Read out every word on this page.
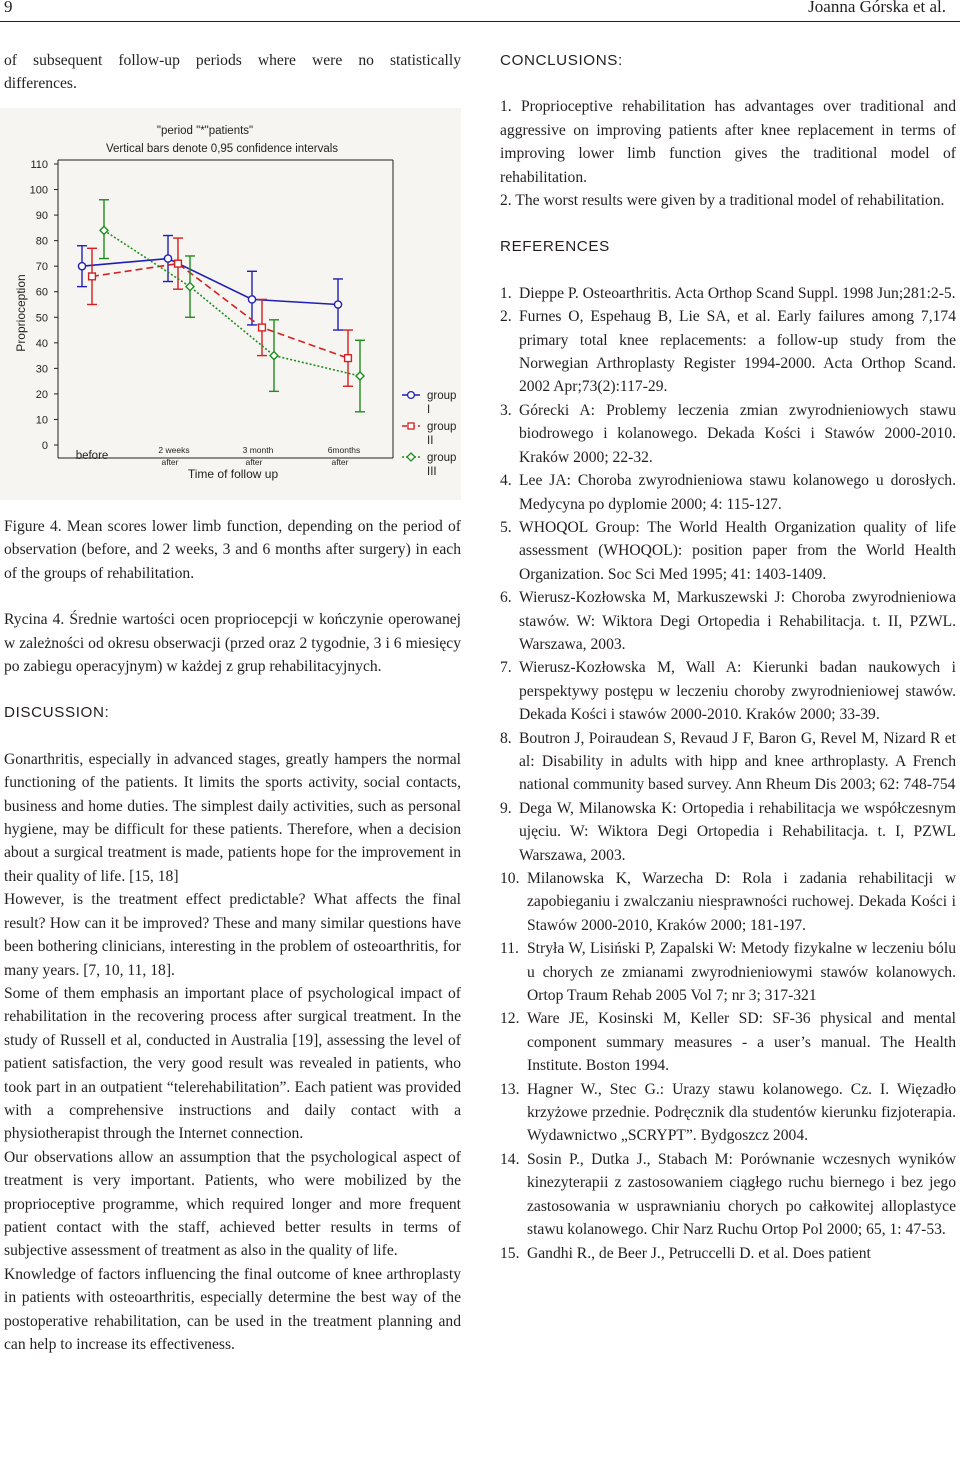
9	Joanna Górska et al.

of subsequent follow-up periods where were no statistically

differences.

"period "*"patients"
Vertical bars denote 0,95 confidence intervals
Proprioception
Time of follow up
110
100
90
80
70
60
50
40
30
20
10
0
before	2 weeks
after
3 month
after
6months
after
group
I
group
II
group
III

Figure 4. Mean scores lower limb function, depending on the period of observation (before, and 2 weeks, 3 and 6 months after surgery) in each of the groups of rehabilitation.

Rycina 4. Średnie wartości ocen propriocepcji w kończynie operowanej w zależności od okresu obserwacji (przed oraz 2 tygodnie, 3 i 6 miesięcy po zabiegu operacyjnym) w każdej z grup rehabilitacyjnych.

DISCUSSION:

Gonarthritis, especially in advanced stages, greatly hampers the normal functioning of the patients. It limits the sports activity, social contacts, business and home duties. The simplest daily activities, such as personal hygiene, may be difficult for these patients. Therefore, when a decision about a surgical treatment is made, patients hope for the improvement in their quality of life. [15, 18]

However, is the treatment effect predictable? What affects the final result? How can it be improved? These and many similar questions have been bothering clinicians, interesting in the problem of osteoarthritis, for many years. [7, 10, 11, 18].

Some of them emphasis an important place of psychological impact of rehabilitation in the recovering process after surgical treatment. In the study of Russell et al, conducted in Australia [19], assessing the level of patient satisfaction, the very good result was revealed in patients, who took part in an outpatient “telerehabilitation”. Each patient was provided with a comprehensive instructions and daily contact with a physiotherapist through the Internet connection.

Our observations allow an assumption that the psychological aspect of treatment is very important. Patients, who were mobilized by the proprioceptive programme, which required longer and more frequent patient contact with the staff, achieved better results in terms of subjective assessment of treatment as also in the quality of life.

Knowledge of factors influencing the final outcome of knee arthroplasty in patients with osteoarthritis, especially determine the best way of the postoperative rehabilitation, can be used in the treatment planning and can help to increase its effectiveness.

CONCLUSIONS:

1. Proprioceptive rehabilitation has advantages over traditional and aggressive on improving patients after knee replacement in terms of improving lower limb function gives the traditional model of rehabilitation.

2. The worst results were given by a traditional model of rehabilitation.

REFERENCES

1. Dieppe P. Osteoarthritis. Acta Orthop Scand Suppl. 1998 Jun;281:2-5.
2. Furnes O, Espehaug B, Lie SA, et al. Early failures among 7,174 primary total knee replacements: a follow-up study from the Norwegian Arthroplasty Register 1994-2000. Acta Orthop Scand. 2002 Apr;73(2):117-29.
3. Górecki A: Problemy leczenia zmian zwyrodnieniowych stawu biodrowego i kolanowego. Dekada Kości i Stawów 2000-2010. Kraków 2000; 22-32.
4. Lee JA: Choroba zwyrodnieniowa stawu kolanowego u dorosłych. Medycyna po dyplomie 2000; 4: 115-127.
5. WHOQOL Group: The World Health Organization quality of life assessment (WHOQOL): position paper from the World Health Organization. Soc Sci Med 1995; 41: 1403-1409.
6. Wierusz-Kozłowska M, Markuszewski J: Choroba zwyrodnieniowa stawów. W: Wiktora Degi Ortopedia i Rehabilitacja. t. II, PZWL. Warszawa, 2003.
7. Wierusz-Kozłowska M, Wall A: Kierunki badan naukowych i perspektywy postępu w leczeniu choroby zwyrodnieniowej stawów. Dekada Kości i stawów 2000-2010. Kraków 2000; 33-39.
8. Boutron J, Poiraudean S, Revaud J F, Baron G, Revel M, Nizard R et al: Disability in adults with hipp and knee arthroplasty. A French national community based survey. Ann Rheum Dis 2003; 62: 748-754
9. Dega W, Milanowska K: Ortopedia i rehabilitacja we współczesnym ujęciu. W: Wiktora Degi Ortopedia i Rehabilitacja. t. I, PZWL Warszawa, 2003.
10. Milanowska K, Warzecha D: Rola i zadania rehabilitacji w zapobieganiu i zwalczaniu niesprawności ruchowej. Dekada Kości i Stawów 2000-2010, Kraków 2000; 181-197.
11. Stryła W, Lisiński P, Zapalski W: Metody fizykalne w leczeniu bólu u chorych ze zmianami zwyrodnieniowymi stawów kolanowych. Ortop Traum Rehab 2005 Vol 7; nr 3; 317-321
12. Ware JE, Kosinski M, Keller SD: SF-36 physical and mental component summary measures - a user’s manual. The Health Institute. Boston 1994.
13. Hagner W., Stec G.: Urazy stawu kolanowego. Cz. I. Więzadło krzyżowe przednie. Podręcznik dla studentów kierunku fizjoterapia. Wydawnictwo „SCRYPT”. Bydgoszcz 2004.
14. Sosin P., Dutka J., Stabach M: Porównanie wczesnych wyników kinezyterapii z zastosowaniem ciągłego ruchu biernego i bez jego zastosowania w usprawnianiu chorych po całkowitej alloplastyce stawu kolanowego. Chir Narz Ruchu Ortop Pol 2000; 65, 1: 47-53.
15. Gandhi R., de Beer J., Petruccelli D. et al. Does patient
